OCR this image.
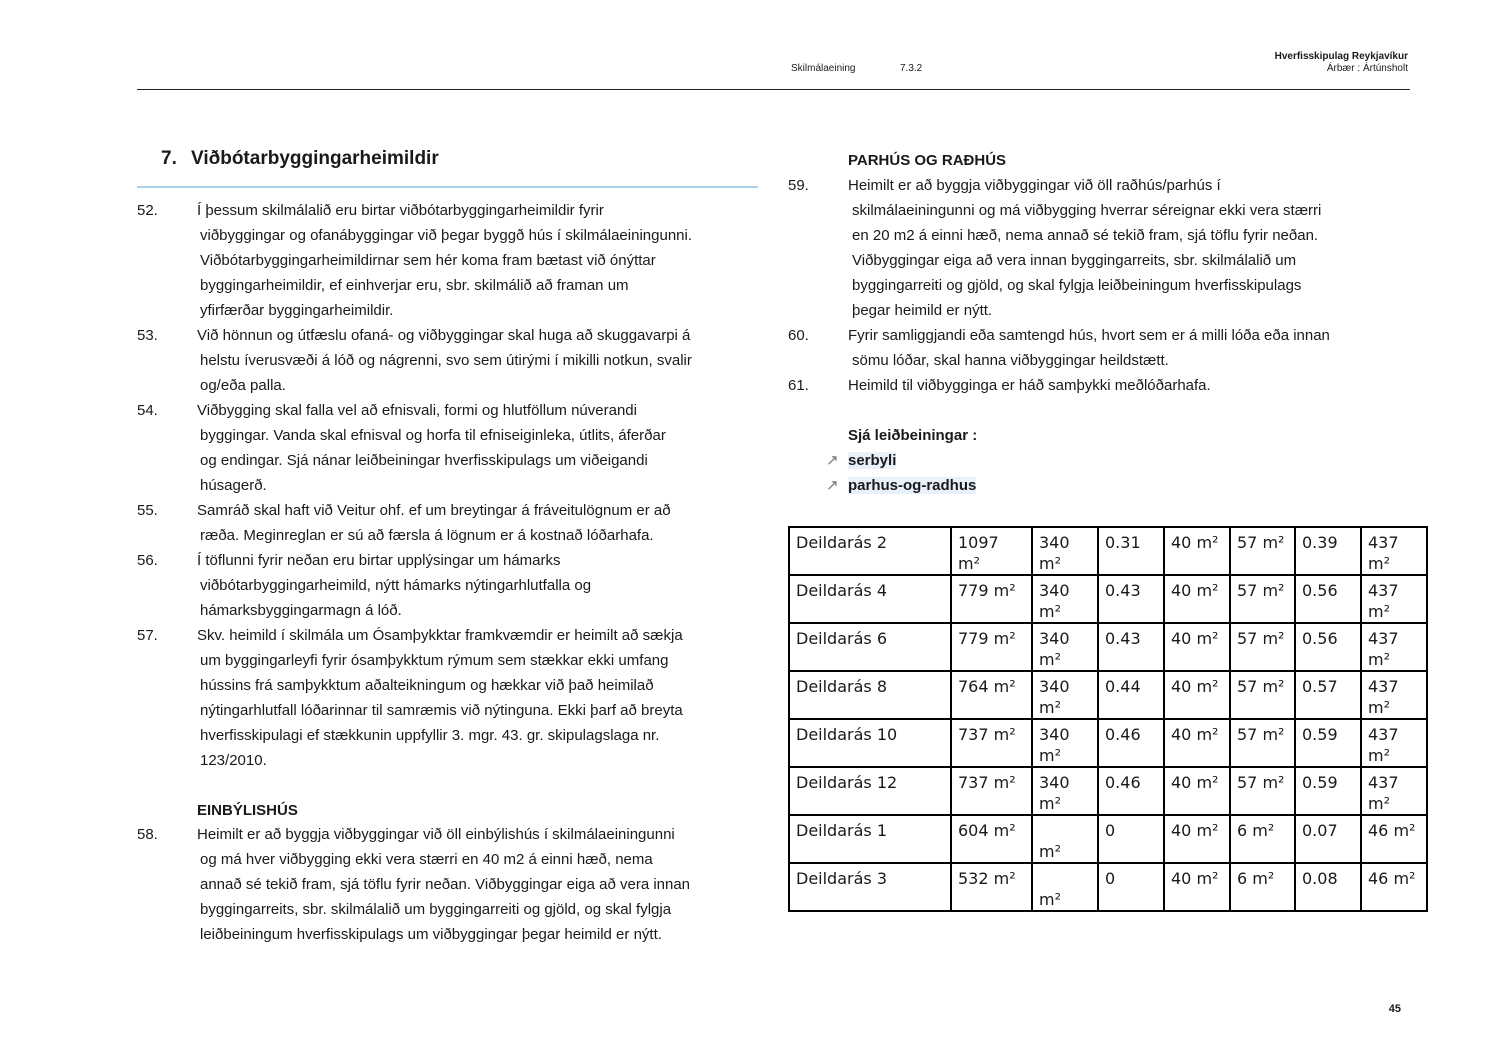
Skilmálaeining	7.3.2
Hverfisskipulag Reykjavíkur
Árbær : Ártúnsholt
7. Viðbótarbyggingarheimildir
52.	Í þessum skilmálalið eru birtar viðbótarbyggingarheimildir fyrir
viðbyggingar og ofanábyggingar við þegar byggð hús í skilmálaeiningunni.
Viðbótarbyggingarheimildirnar sem hér koma fram bætast við ónýttar
byggingarheimildir, ef einhverjar eru, sbr. skilmálið að framan um
yfirfærðar byggingarheimildir.
53.	Við hönnun og útfæslu ofaná- og viðbyggingar skal huga að skuggavarpi á
helstu íverusvæði á lóð og nágrenni, svo sem útirými í mikilli notkun, svalir
og/eða palla.
54.	Viðbygging skal falla vel að efnisvali, formi og hlutföllum núverandi
byggingar. Vanda skal efnisval og horfa til efniseiginleka, útlits, áferðar
og endingar. Sjá nánar leiðbeiningar hverfisskipulags um viðeigandi
húsagerð.
55.	Samráð skal haft við Veitur ohf. ef um breytingar á fráveitulögnum er að
ræða. Meginreglan er sú að færsla á lögnum er á kostnað lóðarhafa.
56.	Í töflunni fyrir neðan eru birtar upplýsingar um hámarks
viðbótarbyggingarheimild, nýtt hámarks nýtingarhlutfalla og
hámarksbyggingarmagn á lóð.
57.	Skv. heimild í skilmála um Ósamþykktar framkvæmdir er heimilt að sækja
um byggingarleyfi fyrir ósamþykktum rýmum sem stækkar ekki umfang
hússins frá samþykktum aðalteikningum og hækkar við það heimilað
nýtingarhlutfall lóðarinnar til samræmis við nýtinguna. Ekki þarf að breyta
hverfisskipulagi ef stækkunin uppfyllir 3. mgr. 43. gr. skipulagslaga nr.
123/2010.
EINBÝLISHÚS
58.	Heimilt er að byggja viðbyggingar við öll einbýlishús í skilmálaeiningunni
og má hver viðbygging ekki vera stærri en 40 m2 á einni hæð, nema
annað sé tekið fram, sjá töflu fyrir neðan. Viðbyggingar eiga að vera innan
byggingarreits, sbr. skilmálalið um byggingarreiti og gjöld, og skal fylgja
leiðbeiningum hverfisskipulags um viðbyggingar þegar heimild er nýtt.
PARHÚS OG RAÐHÚS
59.	Heimilt er að byggja viðbyggingar við öll raðhús/parhús í
skilmálaeiningunni og má viðbygging hverrar séreignar ekki vera stærri
en 20 m2 á einni hæð, nema annað sé tekið fram, sjá töflu fyrir neðan.
Viðbyggingar eiga að vera innan byggingarreits, sbr. skilmálalið um
byggingarreiti og gjöld, og skal fylgja leiðbeiningum hverfisskipulags
þegar heimild er nýtt.
60.	Fyrir samliggjandi eða samtengd hús, hvort sem er á milli lóða eða innan
sömu lóðar, skal hanna viðbyggingar heildstætt.
61.	Heimild til viðbygginga er háð samþykki meðlóðarhafa.
Sjá leiðbeiningar :
↗ serbyli
↗ parhus-og-radhus
Deildarás 2	1097 m²	340 m²	0.31	40 m²	57 m²	0.39	437 m²
Deildarás 4	779 m²	340 m²	0.43	40 m²	57 m²	0.56	437 m²
Deildarás 6	779 m²	340 m²	0.43	40 m²	57 m²	0.56	437 m²
Deildarás 8	764 m²	340 m²	0.44	40 m²	57 m²	0.57	437 m²
Deildarás 10	737 m²	340 m²	0.46	40 m²	57 m²	0.59	437 m²
Deildarás 12	737 m²	340 m²	0.46	40 m²	57 m²	0.59	437 m²
Deildarás 1	604 m²	m²	0	40 m²	6 m²	0.07	46 m²
Deildarás 3	532 m²	m²	0	40 m²	6 m²	0.08	46 m²
45
